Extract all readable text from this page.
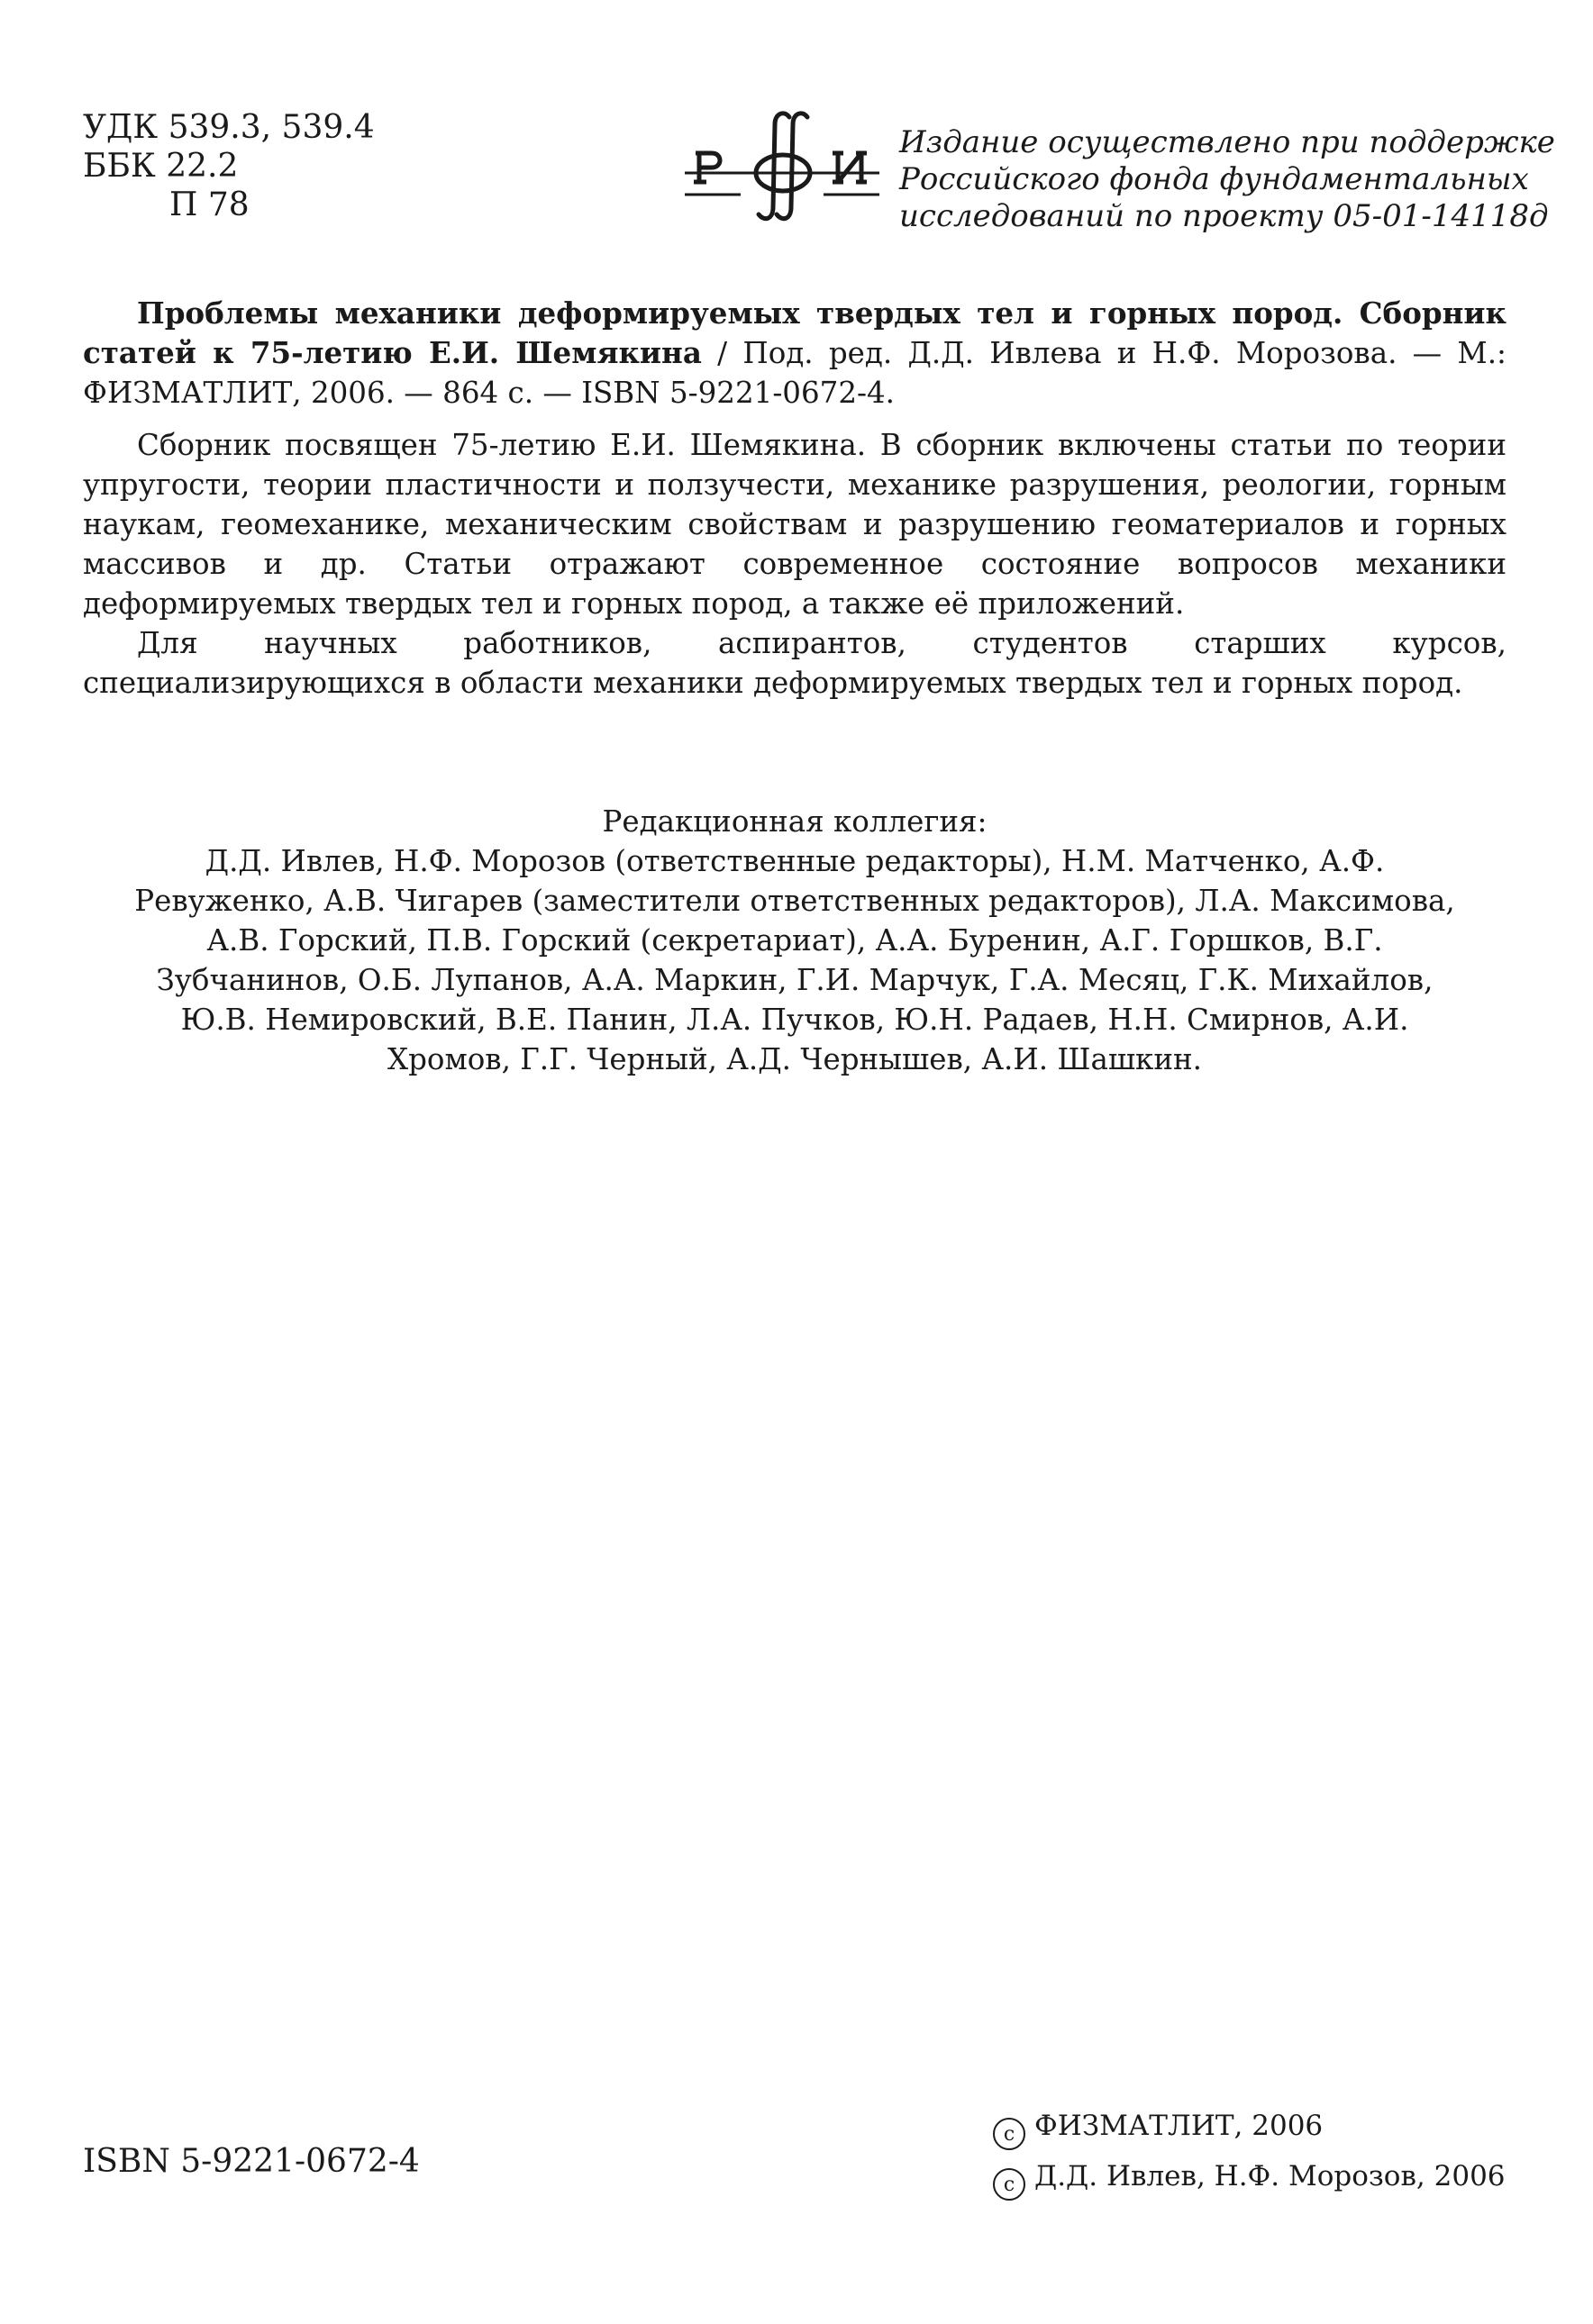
УДК 539.3, 539.4
ББК 22.2
П 78
Издание осуществлено при поддержке
Российского фонда фундаментальных
исследований по проекту 05-01-14118д
Проблемы механики деформируемых твердых тел и горных пород. Сборник статей к 75-летию Е.И. Шемякина / Под. ред. Д.Д. Ивлева и Н.Ф. Морозова. — М.: ФИЗМАТЛИТ, 2006. — 864 с. — ISBN 5-9221-0672-4.

Сборник посвящен 75-летию Е.И. Шемякина. В сборник включены статьи по теории упругости, теории пластичности и ползучести, механике разрушения, реологии, горным наукам, геомеханике, механическим свойствам и разрушению геоматериалов и горных массивов и др. Статьи отражают современное состояние вопросов механики деформируемых твердых тел и горных пород, а также её приложений.

Для научных работников, аспирантов, студентов старших курсов, специализирующихся в области механики деформируемых твердых тел и горных пород.

Редакционная коллегия:
Д.Д. Ивлев, Н.Ф. Морозов (ответственные редакторы), Н.М. Матченко, А.Ф. Ревуженко, А.В. Чигарев (заместители ответственных редакторов), Л.А. Максимова, А.В. Горский, П.В. Горский (секретариат), А.А. Буренин, А.Г. Горшков, В.Г. Зубчанинов, О.Б. Лупанов, А.А. Маркин, Г.И. Марчук, Г.А. Месяц, Г.К. Михайлов, Ю.В. Немировский, В.Е. Панин, Л.А. Пучков, Ю.Н. Радаев, Н.Н. Смирнов, А.И. Хромов, Г.Г. Черный, А.Д. Чернышев, А.И. Шашкин.
ISBN 5-9221-0672-4
c ФИЗМАТЛИТ, 2006
c Д.Д. Ивлев, Н.Ф. Морозов, 2006
